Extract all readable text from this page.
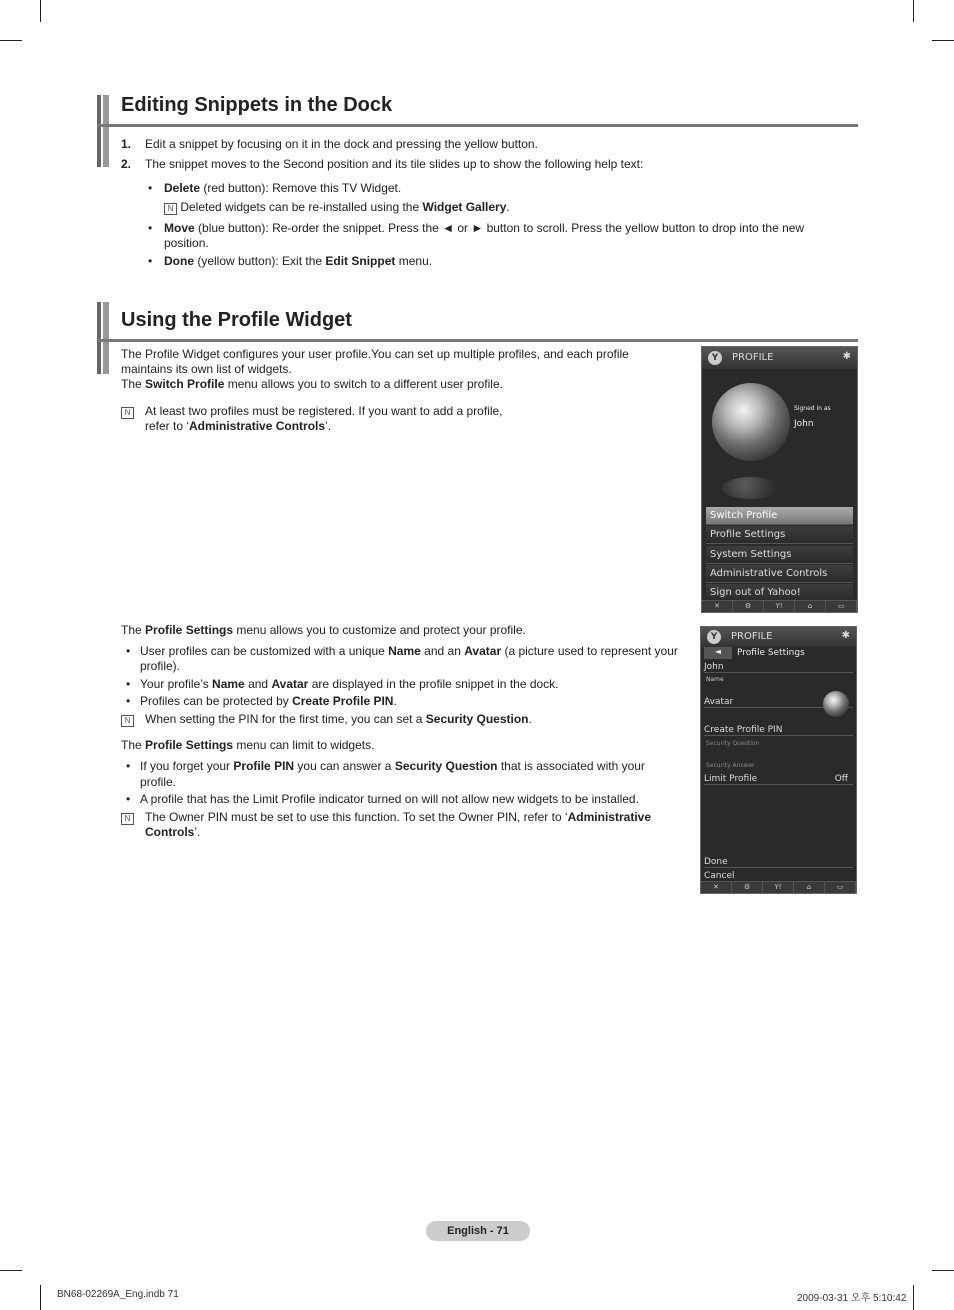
Editing Snippets in the Dock
1. Edit a snippet by focusing on it in the dock and pressing the yellow button.
2. The snippet moves to the Second position and its tile slides up to show the following help text:
• Delete (red button): Remove this TV Widget.
N Deleted widgets can be re-installed using the Widget Gallery.
• Move (blue button): Re-order the snippet. Press the ◄ or ► button to scroll. Press the yellow button to drop into the new
position.
• Done (yellow button): Exit the Edit Snippet menu.
Using the Profile Widget
The Profile Widget configures your user profile.You can set up multiple profiles, and each profile
maintains its own list of widgets.
The Switch Profile menu allows you to switch to a different user profile.
N	At least two profiles must be registered. If you want to add a profile,
refer to ‘Administrative Controls’.
The Profile Settings menu allows you to customize and protect your profile.
• User profiles can be customized with a unique Name and an Avatar (a picture used to represent your
profile).
• Your profile’s Name and Avatar are displayed in the profile snippet in the dock.
• Profiles can be protected by Create Profile PIN.
N	When setting the PIN for the first time, you can set a Security Question.
The Profile Settings menu can limit to widgets.
• If you forget your Profile PIN you can answer a Security Question that is associated with your
profile.
• A profile that has the Limit Profile indicator turned on will not allow new widgets to be installed.
N	The Owner PIN must be set to use this function. To set the Owner PIN, refer to ‘Administrative
Controls’.
Y	PROFILE	✱
Signed in as
John
Switch Profile
Profile Settings
System Settings
Administrative Controls
Sign out of Yahoo!
✕	⚙	Y!	⌂	▭
Y	PROFILE	✱
◄	Profile Settings
John
Name
Avatar
Create Profile PIN
Security Question
Security Answer
Limit Profile	Off
Done
Cancel
✕	⚙	Y!	⌂	▭
English - 71
BN68-02269A_Eng.indb 71	2009-03-31 오후 5:10:42
